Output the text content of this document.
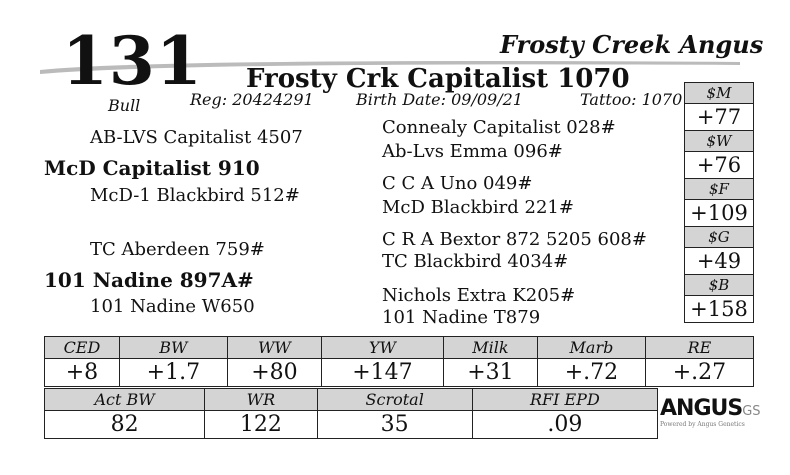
131	Frosty Creek Angus
Frosty Crk Capitalist 1070
Bull	Reg: 20424291	Birth Date: 09/09/21	Tattoo: 1070
AB-LVS Capitalist 4507
McD Capitalist 910
McD-1 Blackbird 512#
TC Aberdeen 759#
101 Nadine 897A#
101 Nadine W650
Connealy Capitalist 028#
Ab-Lvs Emma 096#
C C A Uno 049#
McD Blackbird 221#
C R A Bextor 872 5205 608#
TC Blackbird 4034#
Nichols Extra K205#
101 Nadine T879
$M
+77
$W
+76
$F
+109
$G
+49
$B
+158
CED	BW	WW	YW	Milk	Marb	RE
+8	+1.7	+80	+147	+31	+.72	+.27
Act BW	WR	Scrotal	RFI EPD
82	122	35	.09
ANGUSGS
Powered by Angus Genetics
